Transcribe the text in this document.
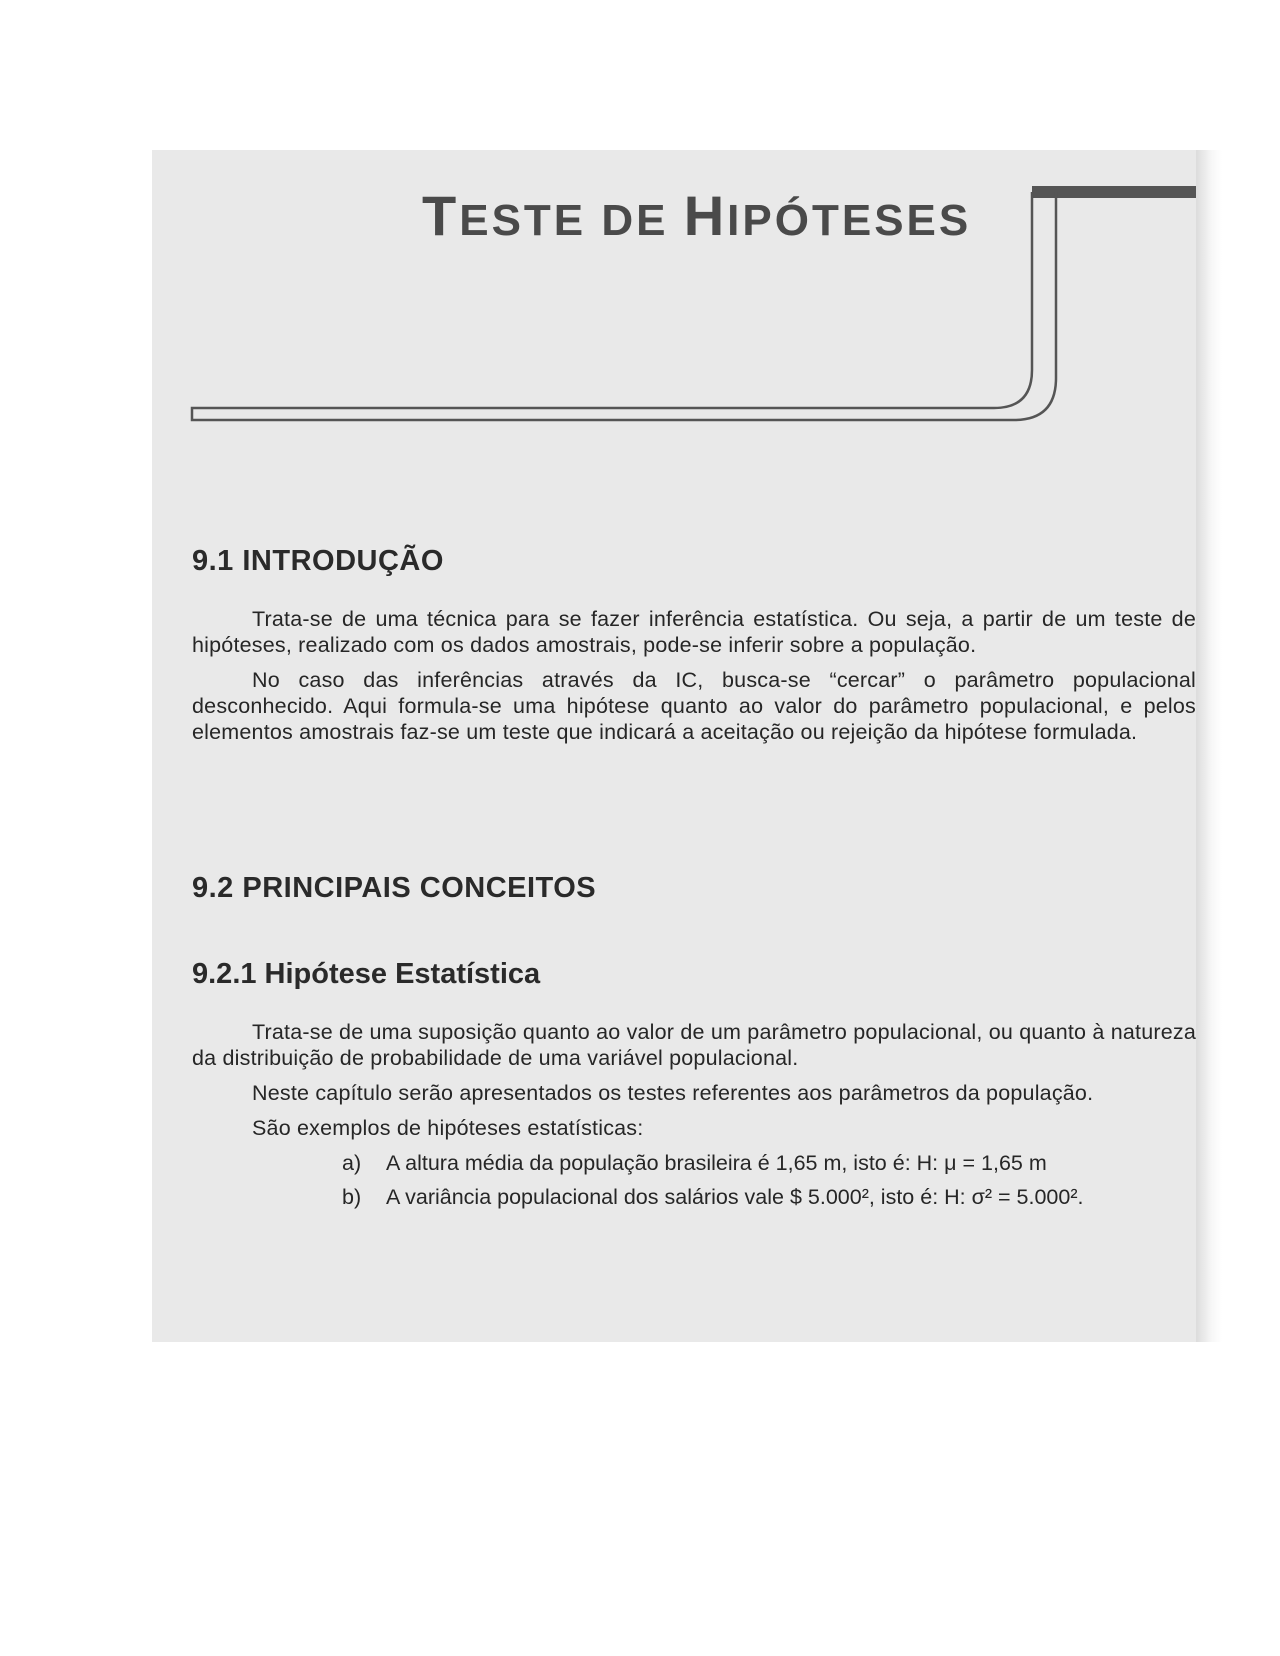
TESTE DE HIPÓTESES
9.1 INTRODUÇÃO

Trata-se de uma técnica para se fazer inferência estatística. Ou seja, a partir de um teste de hipóteses, realizado com os dados amostrais, pode-se inferir sobre a população.

No caso das inferências através da IC, busca-se “cercar” o parâmetro populacional desconhecido. Aqui formula-se uma hipótese quanto ao valor do parâmetro populacional, e pelos elementos amostrais faz-se um teste que indicará a aceitação ou rejeição da hipótese formulada.

9.2 PRINCIPAIS CONCEITOS
9.2.1 Hipótese Estatística

Trata-se de uma suposição quanto ao valor de um parâmetro populacional, ou quanto à natureza da distribuição de probabilidade de uma variável populacional.

Neste capítulo serão apresentados os testes referentes aos parâmetros da população.

São exemplos de hipóteses estatísticas:

a)	A altura média da população brasileira é 1,65 m, isto é: H: μ = 1,65 m
b)	A variância populacional dos salários vale $ 5.000², isto é: H: σ² = 5.000².
